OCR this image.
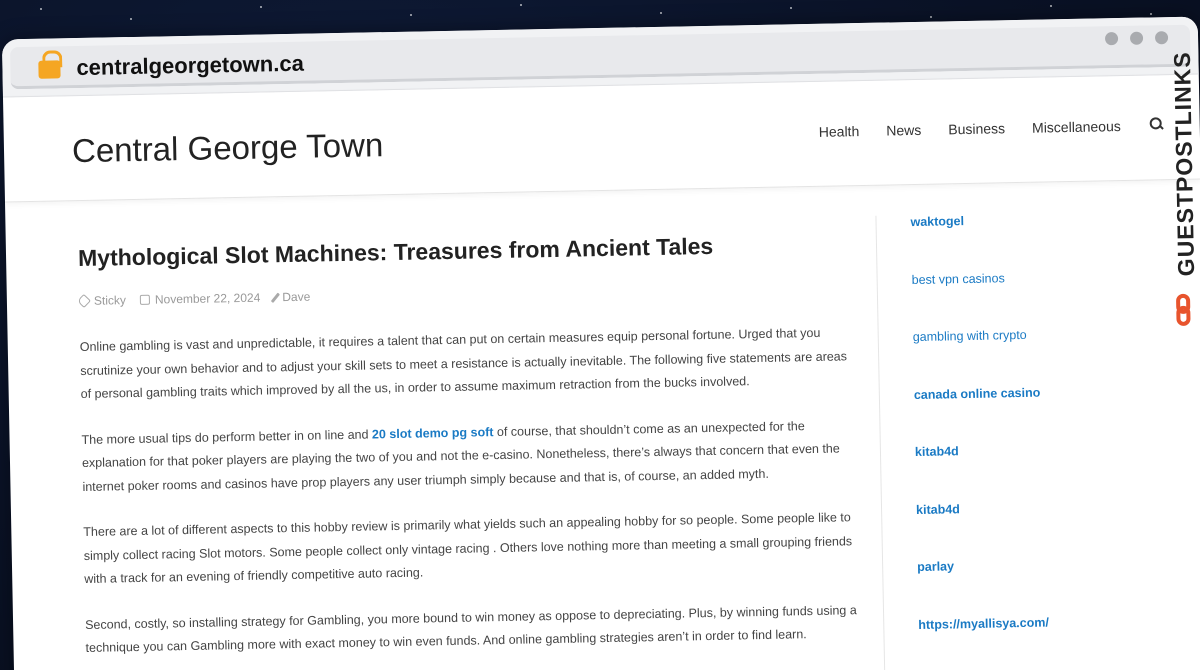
centralgeorgetown.ca
Central George Town	Health News Business Miscellaneous
Mythological Slot Machines: Treasures from Ancient Tales
Sticky November 22, 2024 Dave

Online gambling is vast and unpredictable, it requires a talent that can put on certain measures equip personal fortune. Urged that you scrutinize your own behavior and to adjust your skill sets to meet a resistance is actually inevitable. The following five statements are areas of personal gambling traits which improved by all the us, in order to assume maximum retraction from the bucks involved.

The more usual tips do perform better in on line and 20 slot demo pg soft of course, that shouldn’t come as an unexpected for the explanation for that poker players are playing the two of you and not the e-casino. Nonetheless, there’s always that concern that even the internet poker rooms and casinos have prop players any user triumph simply because and that is, of course, an added myth.

There are a lot of different aspects to this hobby review is primarily what yields such an appealing hobby for so people. Some people like to simply collect racing Slot motors. Some people collect only vintage racing . Others love nothing more than meeting a small grouping friends with a track for an evening of friendly competitive auto racing.

Second, costly, so installing strategy for Gambling, you more bound to win money as oppose to depreciating. Plus, by winning funds using a technique you can Gambling more with exact money to win even funds. And online gambling strategies aren’t in order to find learn.

waktogel
best vpn casinos
gambling with crypto
canada online casino
kitab4d
kitab4d
parlay
https://myallisya.com/
GUESTPOSTLINKS
